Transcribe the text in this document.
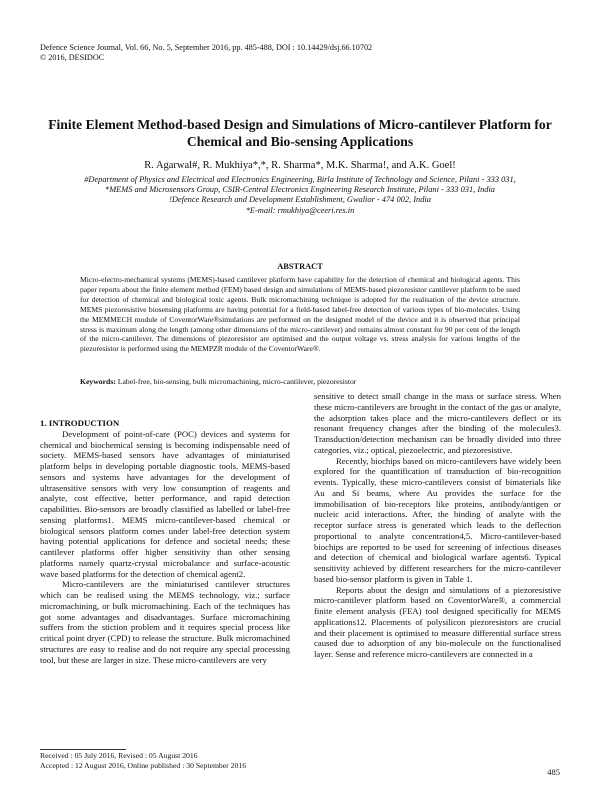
Defence Science Journal, Vol. 66, No. 5, September 2016, pp. 485-488, DOI : 10.14429/dsj.66.10702
© 2016, DESIDOC
Finite Element Method-based Design and Simulations of Micro-cantilever Platform for Chemical and Bio-sensing Applications
R. Agarwal#, R. Mukhiya*,*, R. Sharma*, M.K. Sharma!, and A.K. Goel!
#Department of Physics and Electrical and Electronics Engineering, Birla Institute of Technology and Science, Pilani - 333 031,
*MEMS and Microsensors Group, CSIR-Central Electronics Engineering Research Institute, Pilani - 333 031, India
!Defence Research and Development Establishment, Gwalior - 474 002, India
*E-mail: rmukhiya@ceeri.res.in
ABSTRACT
Micro-electro-mechanical systems (MEMS)-based cantilever platform have capability for the detection of chemical and biological agents. This paper reports about the finite element method (FEM) based design and simulations of MEMS-based piezoresistor cantilever platform to be used for detection of chemical and biological toxic agents. Bulk micromachining technique is adopted for the realisation of the device structure. MEMS piezoresistive biosensing platforms are having potential for a field-based label-free detection of various types of bio-molecules. Using the MEMMECH module of CoventorWare®simulations are performed on the designed model of the device and it is observed that principal stress is maximum along the length (among other dimensions of the micro-cantilever) and remains almost constant for 90 per cent of the length of the micro-cantilever. The dimensions of piezoresistor are optimised and the output voltage vs. stress analysis for various lengths of the piezoresistor is performed using the MEMPZR module of the CoventorWare®.
Keywords: Label-free, bio-sensing, bulk micromachining, micro-cantilever, piezoresistor

1. INTRODUCTION

Development of point-of-care (POC) devices and systems for chemical and biochemical sensing is becoming indispensable need of society. MEMS-based sensors have advantages of miniaturised platform helps in developing portable diagnostic tools. MEMS-based sensors and systems have advantages for the development of ultrasensitive sensors with very low consumption of reagents and analyte, cost effective, better performance, and rapid detection capabilities. Bio-sensors are broadly classified as labelled or label-free sensing platforms1. MEMS micro-cantilever-based chemical or biological sensors platform comes under label-free detection system having potential applications for defence and societal needs; these cantilever platforms offer higher sensitivity than other sensing platforms namely quartz-crystal microbalance and surface-acoustic wave based platforms for the detection of chemical agent2.

Micro-cantilevers are the miniaturised cantilever structures which can be realised using the MEMS technology, viz.; surface micromachining, or bulk micromachining. Each of the techniques has got some advantages and disadvantages. Surface micromachining suffers from the stiction problem and it requires special process like critical point dryer (CPD) to release the structure. Bulk micromachined structures are easy to realise and do not require any special processing tool, but these are larger in size. These micro-cantilevers are very

sensitive to detect small change in the mass or surface stress. When these micro-cantilevers are brought in the contact of the gas or analyte, the adsorption takes place and the micro-cantilevers deflect or its resonant frequency changes after the binding of the molecules3. Transduction/detection mechanism can be broadly divided into three categories, viz.; optical, piezoelectric, and piezoresistive.

Recently, biochips based on micro-cantilevers have widely been explored for the quantification of transduction of bio-recognition events. Typically, these micro-cantilevers consist of bimaterials like Au and Si beams, where Au provides the surface for the immobilisation of bio-receptors like proteins, antibody/antigen or nucleic acid interactions. After, the binding of analyte with the receptor surface stress is generated which leads to the deflection proportional to analyte concentration4,5. Micro-cantilever-based biochips are reported to be used for screening of infectious diseases and detection of chemical and biological warfare agents6. Typical sensitivity achieved by different researchers for the micro-cantilever based bio-sensor platform is given in Table 1.

Reports about the design and simulations of a piezoresistive micro-cantilever platform based on CoventorWare®, a commercial finite element analysis (FEA) tool designed specifically for MEMS applications12. Placements of polysilicon piezoresistors are crucial and their placement is optimised to measure differential surface stress caused due to adsorption of any bio-molecule on the functionalised layer. Sense and reference micro-cantilevers are connected in a

Received : 05 July 2016, Revised : 05 August 2016
Accepted : 12 August 2016, Online published : 30 September 2016
485
